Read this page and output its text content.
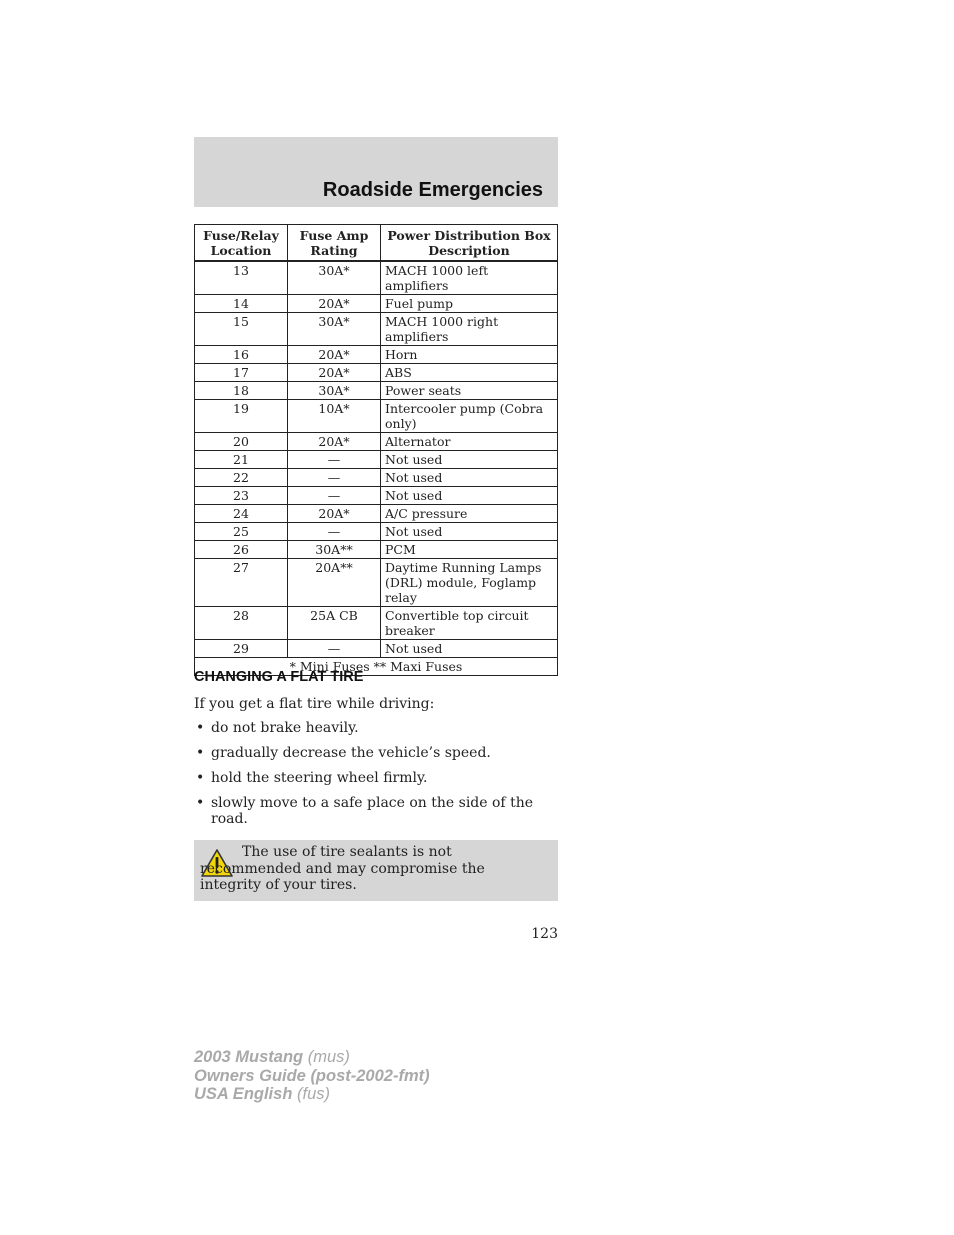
Roadside Emergencies
Fuse/Relay Location	Fuse Amp Rating	Power Distribution Box Description
13	30A*	MACH 1000 left amplifiers
14	20A*	Fuel pump
15	30A*	MACH 1000 right amplifiers
16	20A*	Horn
17	20A*	ABS
18	30A*	Power seats
19	10A*	Intercooler pump (Cobra only)
20	20A*	Alternator
21	—	Not used
22	—	Not used
23	—	Not used
24	20A*	A/C pressure
25	—	Not used
26	30A**	PCM
27	20A**	Daytime Running Lamps (DRL) module, Foglamp relay
28	25A CB	Convertible top circuit breaker
29	—	Not used
* Mini Fuses ** Maxi Fuses		
CHANGING A FLAT TIRE
If you get a flat tire while driving:
• do not brake heavily.
• gradually decrease the vehicle’s speed.
• hold the steering wheel firmly.
• slowly move to a safe place on the side of the road.
The use of tire sealants is not recommended and may compromise the integrity of your tires.
123
2003 Mustang (mus)
Owners Guide (post-2002-fmt)
USA English (fus)
